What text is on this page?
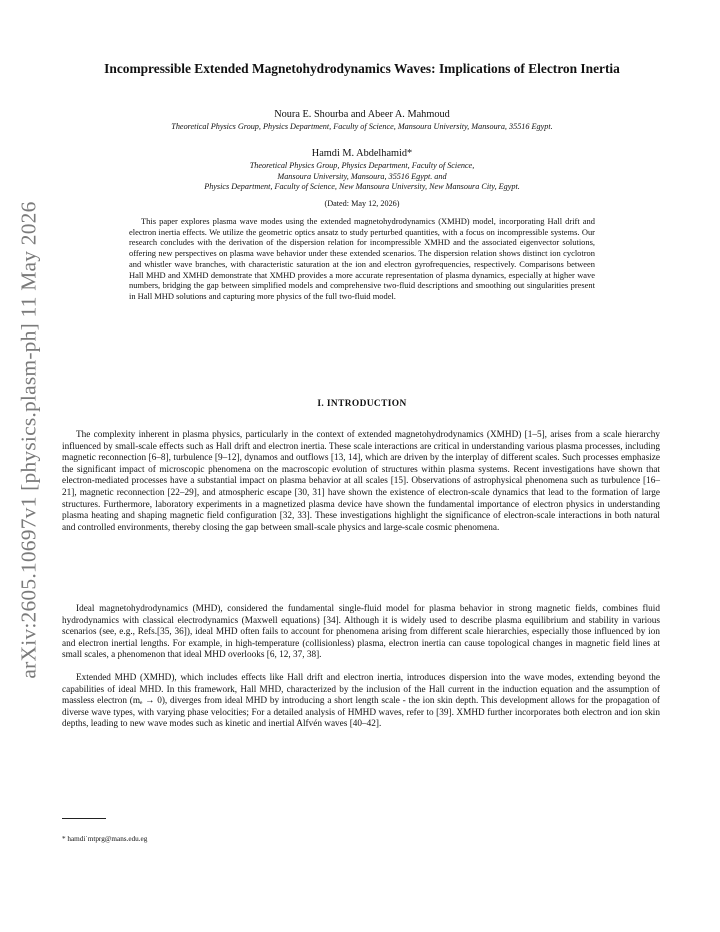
arXiv:2605.10697v1 [physics.plasm-ph] 11 May 2026
Incompressible Extended Magnetohydrodynamics Waves: Implications of Electron Inertia
Noura E. Shourba and Abeer A. Mahmoud
Theoretical Physics Group, Physics Department, Faculty of Science, Mansoura University, Mansoura, 35516 Egypt.
Hamdi M. Abdelhamid*
Theoretical Physics Group, Physics Department, Faculty of Science,
Mansoura University, Mansoura, 35516 Egypt. and
Physics Department, Faculty of Science, New Mansoura University, New Mansoura City, Egypt.
(Dated: May 12, 2026)
This paper explores plasma wave modes using the extended magnetohydrodynamics (XMHD) model, incorporating Hall drift and electron inertia effects. We utilize the geometric optics ansatz to study perturbed quantities, with a focus on incompressible systems. Our research concludes with the derivation of the dispersion relation for incompressible XMHD and the associated eigenvector solutions, offering new perspectives on plasma wave behavior under these extended scenarios. The dispersion relation shows distinct ion cyclotron and whistler wave branches, with characteristic saturation at the ion and electron gyrofrequencies, respectively. Comparisons between Hall MHD and XMHD demonstrate that XMHD provides a more accurate representation of plasma dynamics, especially at higher wave numbers, bridging the gap between simplified models and comprehensive two-fluid descriptions and smoothing out singularities present in Hall MHD solutions and capturing more physics of the full two-fluid model.
I. INTRODUCTION
The complexity inherent in plasma physics, particularly in the context of extended magnetohydrodynamics (XMHD) [1–5], arises from a scale hierarchy influenced by small-scale effects such as Hall drift and electron inertia. These scale interactions are critical in understanding various plasma processes, including magnetic reconnection [6–8], turbulence [9–12], dynamos and outflows [13, 14], which are driven by the interplay of different scales. Such processes emphasize the significant impact of microscopic phenomena on the macroscopic evolution of structures within plasma systems. Recent investigations have shown that electron-mediated processes have a substantial impact on plasma behavior at all scales [15]. Observations of astrophysical phenomena such as turbulence [16–21], magnetic reconnection [22–29], and atmospheric escape [30, 31] have shown the existence of electron-scale dynamics that lead to the formation of large structures. Furthermore, laboratory experiments in a magnetized plasma device have shown the fundamental importance of electron physics in understanding plasma heating and shaping magnetic field configuration [32, 33]. These investigations highlight the significance of electron-scale interactions in both natural and controlled environments, thereby closing the gap between small-scale physics and large-scale cosmic phenomena.
Ideal magnetohydrodynamics (MHD), considered the fundamental single-fluid model for plasma behavior in strong magnetic fields, combines fluid hydrodynamics with classical electrodynamics (Maxwell equations) [34]. Although it is widely used to describe plasma equilibrium and stability in various scenarios (see, e.g., Refs.[35, 36]), ideal MHD often fails to account for phenomena arising from different scale hierarchies, especially those influenced by ion and electron inertial lengths. For example, in high-temperature (collisionless) plasma, electron inertia can cause topological changes in magnetic field lines at small scales, a phenomenon that ideal MHD overlooks [6, 12, 37, 38].
Extended MHD (XMHD), which includes effects like Hall drift and electron inertia, introduces dispersion into the wave modes, extending beyond the capabilities of ideal MHD. In this framework, Hall MHD, characterized by the inclusion of the Hall current in the induction equation and the assumption of massless electron (mₑ → 0), diverges from ideal MHD by introducing a short length scale - the ion skin depth. This development allows for the propagation of diverse wave types, with varying phase velocities; For a detailed analysis of HMHD waves, refer to [39]. XMHD further incorporates both electron and ion skin depths, leading to new wave modes such as kinetic and inertial Alfvén waves [40–42].
* hamdi˙mtprg@mans.edu.eg
